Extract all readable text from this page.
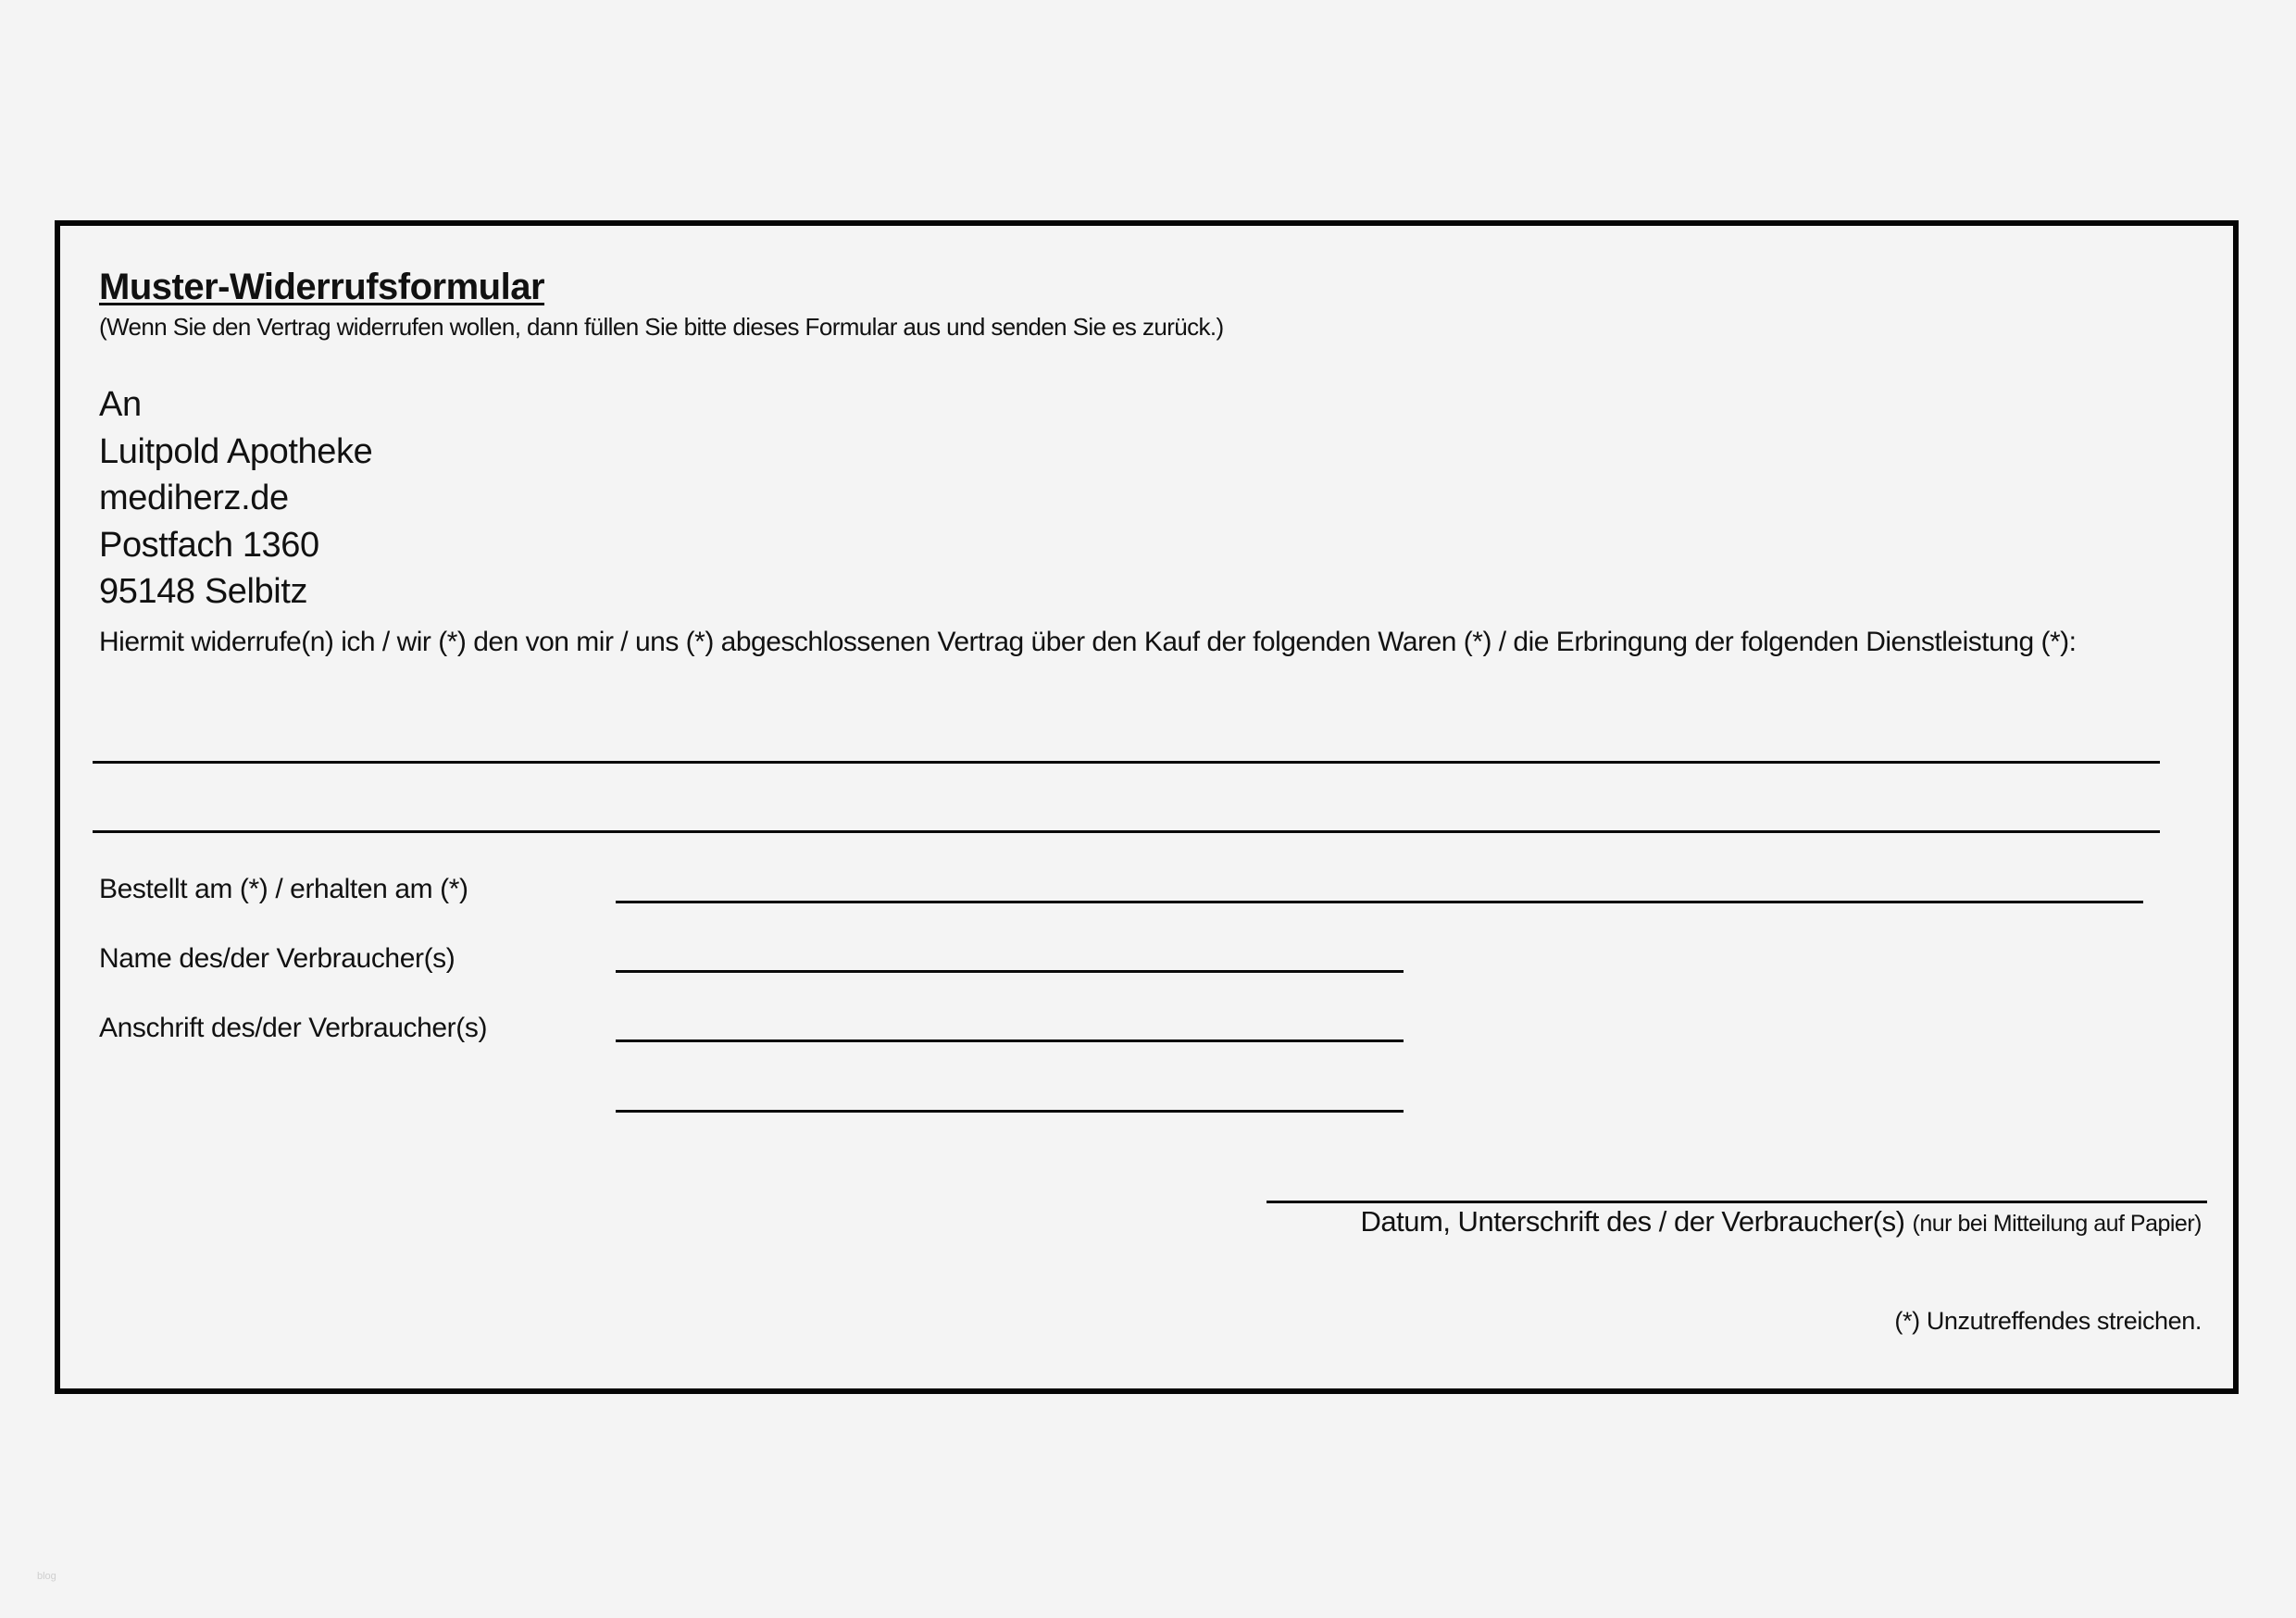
Muster-Widerrufsformular
(Wenn Sie den Vertrag widerrufen wollen, dann füllen Sie bitte dieses Formular aus und senden Sie es zurück.)
An
Luitpold Apotheke
mediherz.de
Postfach 1360
95148 Selbitz
Hiermit widerrufe(n) ich / wir (*) den von mir / uns (*) abgeschlossenen Vertrag über den Kauf der folgenden Waren (*) / die Erbringung der folgenden Dienstleistung (*):
Bestellt am (*) / erhalten am (*)
Name des/der Verbraucher(s)
Anschrift des/der Verbraucher(s)
Datum, Unterschrift des / der Verbraucher(s) (nur bei Mitteilung auf Papier)
(*) Unzutreffendes streichen.
blog
